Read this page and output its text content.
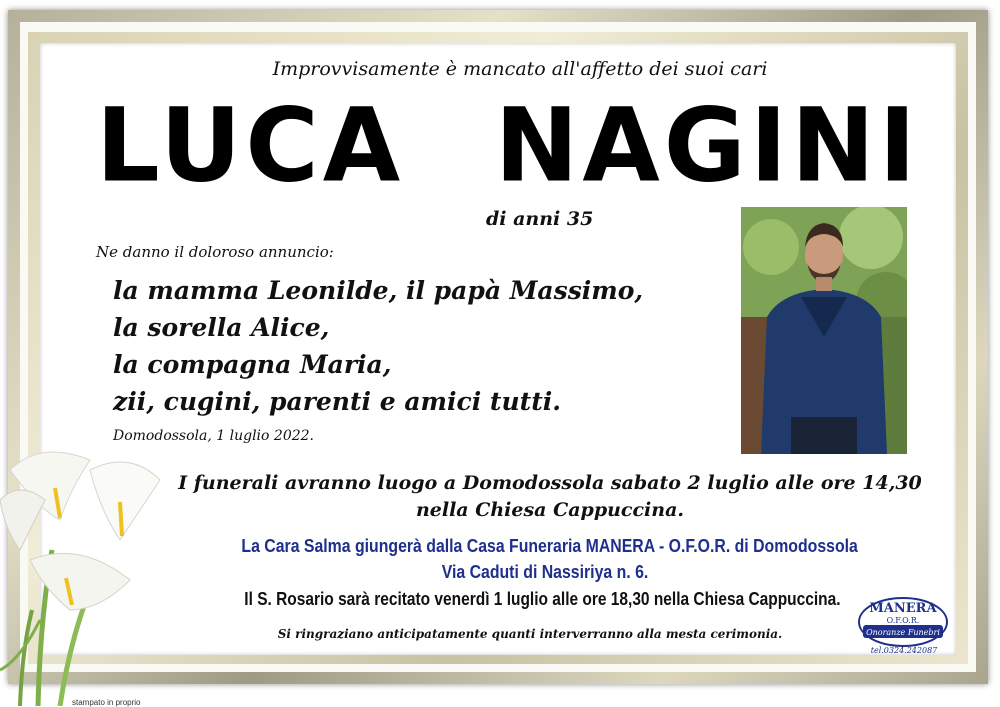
Improvvisamente è mancato all'affetto dei suoi cari
LUCA NAGINI
di anni 35
Ne danno il doloroso annuncio:
la mamma Leonilde, il papà Massimo,
la sorella Alice,
la compagna Maria,
zii, cugini, parenti e amici tutti.
Domodossola, 1 luglio 2022.
I funerali avranno luogo a Domodossola sabato 2 luglio alle ore 14,30
nella Chiesa Cappuccina.
La Cara Salma giungerà dalla Casa Funeraria MANERA - O.F.O.R. di Domodossola
Via Caduti di Nassiriya n. 6.
Il S. Rosario sarà recitato venerdì 1 luglio alle ore 18,30 nella Chiesa Cappuccina.
Si ringraziano anticipatamente quanti interverranno alla mesta cerimonia.
MANERA
O.F.O.R.
Onoranze Funebri
tel.0324.242087
stampato in proprio
